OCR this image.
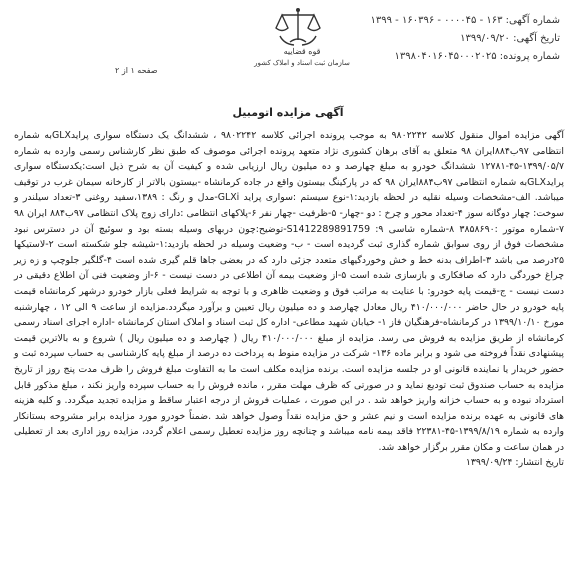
شماره آگهی: ۱۶۳ - ۰۰۰۰۴۵ - ۱۶۰۳۹۶ - ۱۳۹۹
تاریخ آگهی: ۱۳۹۹/۰۹/۲۰
شماره پرونده: ۱۳۹۸۰۴۰۱۶۰۴۵۰۰۰۲۰۲۵
قوه قضاییه
سازمان ثبت اسناد و املاک کشور
صفحه ۱ از ۲
آگهی مزایده اتومبیل

آگهی مزایده اموال منقول کلاسه ۹۸۰۲۲۴۲ به موجب پرونده اجرائی کلاسه ۹۸۰۲۲۴۲ ، ششدانگ یک دستگاه سواری پرایدGLXبه شماره انتظامی ۹۷ب۸۸۴ایران ۹۸ متعلق به آقای برهان کشوری نژاد متعهد پرونده اجرائی موصوف که طبق نظر کارشناس رسمی وارده به شماره ۱۳۹۹/۰۵/۷-۴۵-۱۲۷۸۱ ششدانگ خودرو به مبلغ چهارصد و ده میلیون ریال ارزیابی شده و کیفیت آن به شرح ذیل است:یکدستگاه سواری پرایدGLXبه شماره انتظامی ۹۷ب۸۸۴ایران ۹۸ که در پارکینگ بیستون واقع در جاده کرمانشاه -بیستون بالاتر از کارخانه سیمان غرب در توقیف میباشد. الف-مشخصات وسیله نقلیه در لحظه بازدید:۱-نوع سیستم :سواری پراید GLXi-مدل و رنگ : ۱۳۸۹،سفید روغنی ۳-تعداد سیلندر و سوخت: چهار دوگانه سوز ۴-تعداد محور و چرخ : دو -چهار- ۵-ظرفیت -چهار نفر ۶-پلاکهای انتظامی :دارای زوج پلاک انتظامی ۹۷ب۸۸۴ ایران ۹۸ ۷-شماره موتور :۳۸۵۸۶۹۰ ۸-شماره شاسی S1412289891759 :۹-توضیح:چون دربهای وسیله بسته بود و سوئیچ آن در دسترس نبود مشخصات فوق از روی سوابق شماره گذاری ثبت گردیده است - ب- وضعیت وسیله در لحظه بازدید:۱-شیشه جلو شکسته است ۲-لاستیکها ۲۵درصد می باشد ۳-اطراف بدنه خط و خش وخوردگیهای متعدد جزئی دارد که در بعضی جاها قلم گیری شده است ۴-گلگیر جلوچپ و زه زیر چراغ خوردگی دارد که صافکاری و بازسازی شده است ۵-از وضعیت بیمه آن اطلاعی در دست نیست - ۶-از وضعیت فنی آن اطلاع دقیقی در دست نیست - ج-قیمت پایه خودرو: با عنایت به مراتب فوق و وضعیت ظاهری و با توجه به شرایط فعلی بازار خودرو درشهر کرمانشاه قیمت پایه خودرو در حال حاضر ۴۱۰/۰۰۰/۰۰۰ ریال معادل چهارصد و ده میلیون ریال تعیین و برآورد میگردد.مزایده از ساعت ۹ الی ۱۲ ، چهارشنبه مورخ ۱۳۹۹/۱۰/۱۰ در کرمانشاه-فرهنگیان فاز ۱- خیابان شهید مطاعی- اداره کل ثبت اسناد و املاک استان کرمانشاه -اداره اجرای اسناد رسمی کرمانشاه از طریق مزایده به فروش می رسد. مزایده از مبلغ ۴۱۰/۰۰۰/۰۰۰ ریال ( چهارصد و ده میلیون ریال ) شروع و به بالاترین قیمت پیشنهادی نقداً فروخته می شود و برابر ماده ۱۳۶- شرکت در مزایده منوط به پرداخت ده درصد از مبلغ پایه کارشناسی به حساب سپرده ثبت و حضور خریدار یا نماینده قانونی او در جلسه مزایده است. برنده مزایده مکلف است ما به التفاوت مبلغ فروش را ظرف مدت پنج روز از تاریخ مزایده به حساب صندوق ثبت تودیع نماید و در صورتی که ظرف مهلت مقرر ، مانده فروش را به حساب سپرده واریز نکند ، مبلغ مذکور قابل استرداد نبوده و به حساب خزانه واریز خواهد شد . در این صورت ، عملیات فروش از درجه اعتبار ساقط و مزایده تجدید میگردد. و کلیه هزینه های قانونی به عهده برنده مزایده است و نیم عشر و حق مزایده نقداً وصول خواهد شد .ضمناً خودرو مورد مزایده برابر مشروحه بستانکار وارده به شماره ۱۳۹۹/۸/۱۹-۴۵-۲۲۳۸۱ فاقد بیمه نامه میباشد و چنانچه روز مزایده تعطیل رسمی اعلام گردد، مزایده روز اداری بعد از تعطیلی در همان ساعت و مکان مقرر برگزار خواهد شد.

تاریخ انتشار: ۱۳۹۹/۰۹/۲۴
